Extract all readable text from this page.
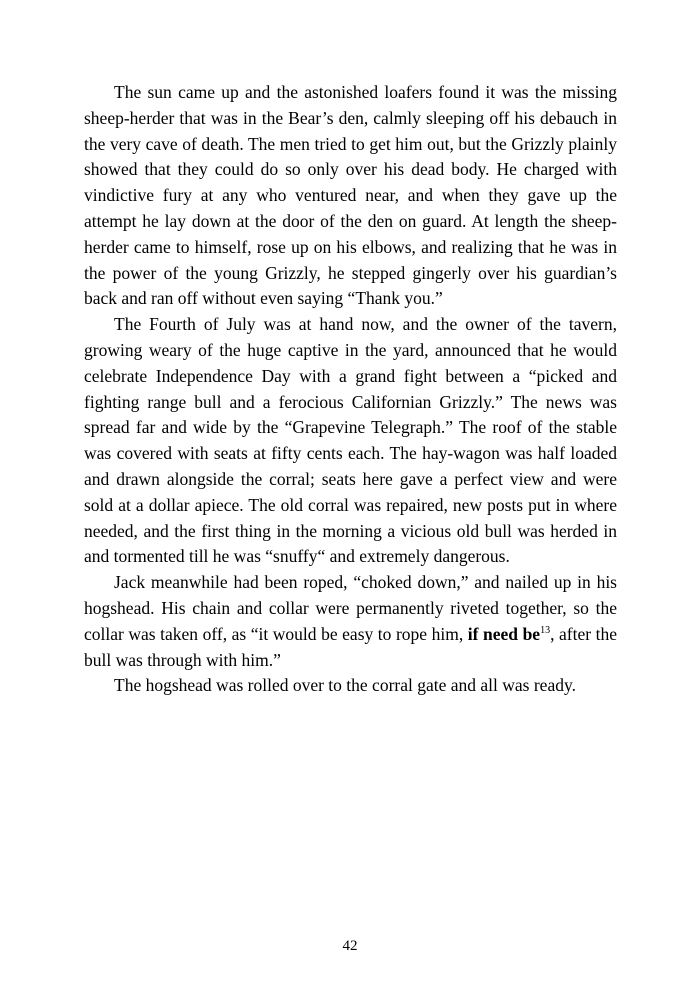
The sun came up and the astonished loafers found it was the missing sheep-herder that was in the Bear’s den, calmly sleeping off his debauch in the very cave of death. The men tried to get him out, but the Grizzly plainly showed that they could do so only over his dead body. He charged with vindictive fury at any who ventured near, and when they gave up the attempt he lay down at the door of the den on guard. At length the sheep-herder came to himself, rose up on his elbows, and realizing that he was in the power of the young Grizzly, he stepped gingerly over his guardian’s back and ran off without even saying “Thank you.”

The Fourth of July was at hand now, and the owner of the tavern, growing weary of the huge captive in the yard, announced that he would celebrate Independence Day with a grand fight between a “picked and fighting range bull and a ferocious Californian Grizzly.” The news was spread far and wide by the “Grapevine Telegraph.” The roof of the stable was covered with seats at fifty cents each. The hay-wagon was half loaded and drawn alongside the corral; seats here gave a perfect view and were sold at a dollar apiece. The old corral was repaired, new posts put in where needed, and the first thing in the morning a vicious old bull was herded in and tormented till he was “snuffy“ and extremely dangerous.

Jack meanwhile had been roped, “choked down,” and nailed up in his hogshead. His chain and collar were permanently riveted together, so the collar was taken off, as “it would be easy to rope him, if need $be^{13}$, after the bull was through with him.”

The hogshead was rolled over to the corral gate and all was ready.

42
